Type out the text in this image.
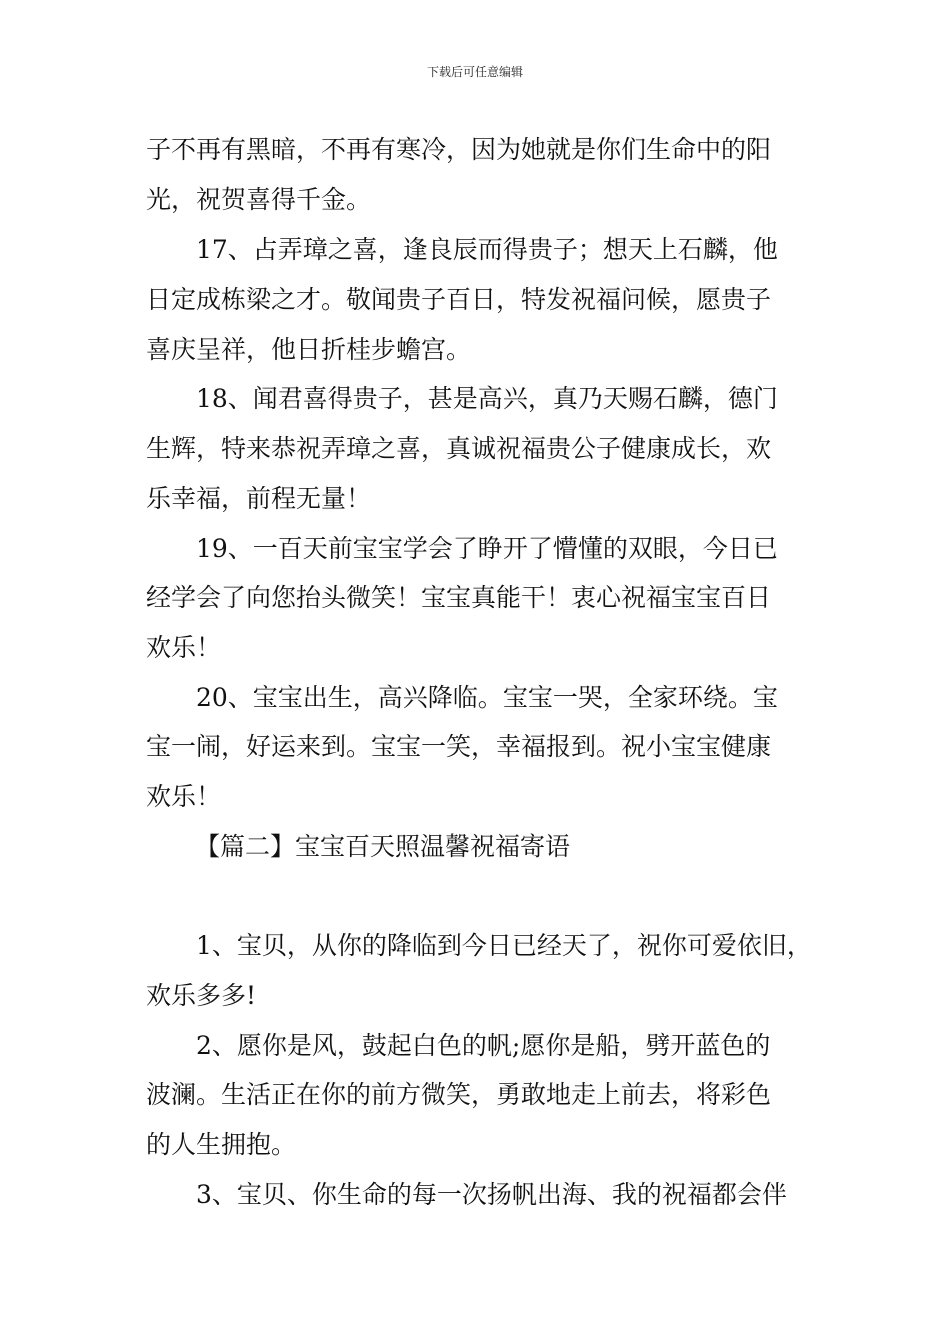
下载后可任意编辑
子不再有黑暗，不再有寒冷，因为她就是你们生命中的阳
光，祝贺喜得千金。
17、占弄璋之喜，逢良辰而得贵子；想天上石麟，他
日定成栋梁之才。敬闻贵子百日，特发祝福问候，愿贵子
喜庆呈祥，他日折桂步蟾宫。
18、闻君喜得贵子，甚是高兴，真乃天赐石麟，德门
生辉，特来恭祝弄璋之喜，真诚祝福贵公子健康成长，欢
乐幸福，前程无量！
19、一百天前宝宝学会了睁开了懵懂的双眼，今日已
经学会了向您抬头微笑！宝宝真能干！衷心祝福宝宝百日
欢乐！
20、宝宝出生，高兴降临。宝宝一哭，全家环绕。宝
宝一闹，好运来到。宝宝一笑，幸福报到。祝小宝宝健康
欢乐！
【篇二】宝宝百天照温馨祝福寄语
1、宝贝，从你的降临到今日已经天了，祝你可爱依旧，
欢乐多多!
2、愿你是风，鼓起白色的帆;愿你是船，劈开蓝色的
波澜。生活正在你的前方微笑，勇敢地走上前去，将彩色
的人生拥抱。
3、宝贝、你生命的每一次扬帆出海、我的祝福都会伴
